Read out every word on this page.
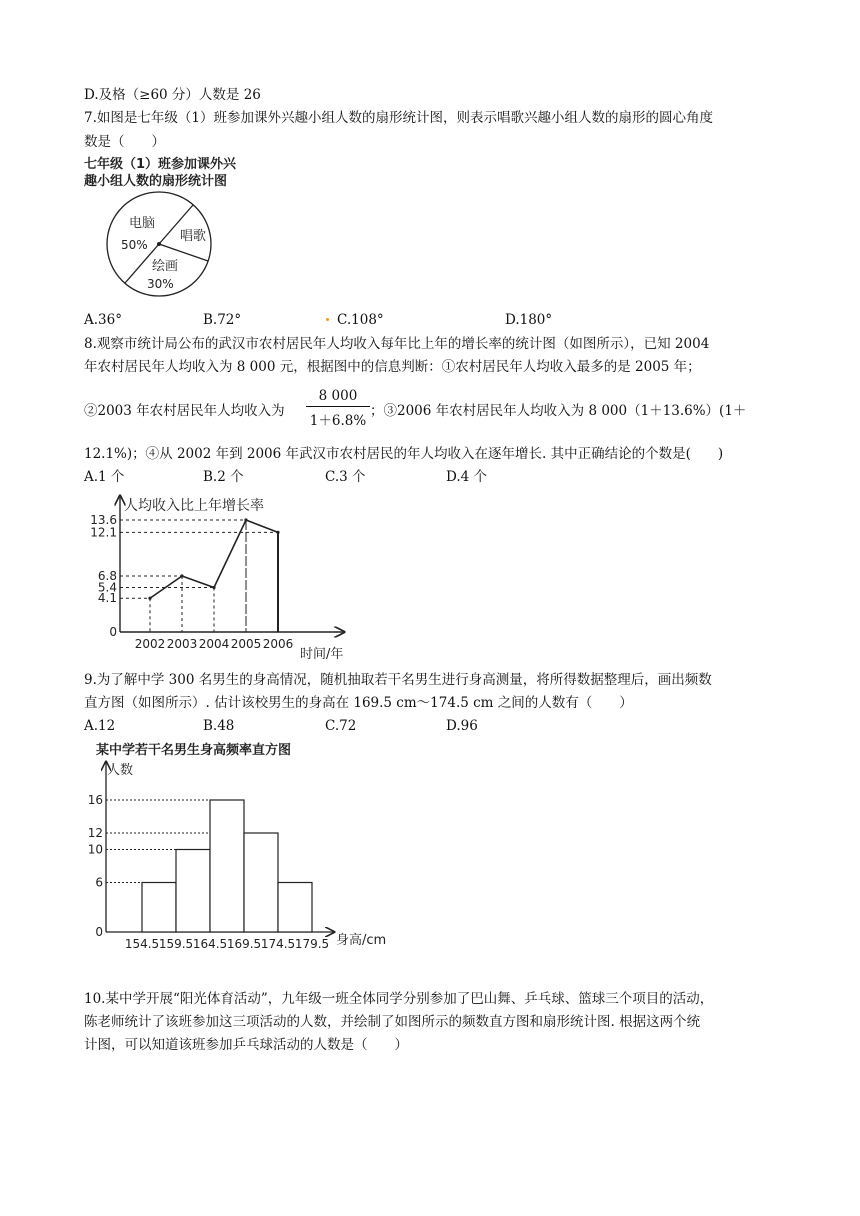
D.及格（≥60 分）人数是 26
7.如图是七年级（1）班参加课外兴趣小组人数的扇形统计图，则表示唱歌兴趣小组人数的扇形的圆心角度
数是（　　）
七年级（1）班参加课外兴
趣小组人数的扇形统计图
电脑
50%
唱歌
绘画
30%
A.36°	B.72°	C.108°	D.180°
8.观察市统计局公布的武汉市农村居民年人均收入每年比上年的增长率的统计图（如图所示），已知 2004
年农村居民年人均收入为 8 000 元，根据图中的信息判断：①农村居民年人均收入最多的是 2005 年；
②2003 年农村居民年人均收入为
8 000
1＋6.8%
；③2006 年农村居民年人均收入为 8 000（1＋13.6%）(1＋
12.1%)；④从 2002 年到 2006 年武汉市农村居民的年人均收入在逐年增长. 其中正确结论的个数是(　　)
A.1 个	B.2 个	C.3 个	D.4 个
人均收入比上年增长率
时间/年
13.6
12.1
6.8
5.4
4.1
0
2002 2003 2004 2005 2006
9.为了解中学 300 名男生的身高情况，随机抽取若干名男生进行身高测量，将所得数据整理后，画出频数
直方图（如图所示）. 估计该校男生的身高在 169.5 cm～174.5 cm 之间的人数有（　　）
A.12	B.48	C.72	D.96
某中学若干名男生身高频率直方图
人数
身高/cm
16
12
10
6
0
154.5 159.5 164.5 169.5 174.5 179.5
10.某中学开展“阳光体育活动”，九年级一班全体同学分别参加了巴山舞、乒乓球、篮球三个项目的活动，
陈老师统计了该班参加这三项活动的人数，并绘制了如图所示的频数直方图和扇形统计图. 根据这两个统
计图，可以知道该班参加乒乓球活动的人数是（　　）
